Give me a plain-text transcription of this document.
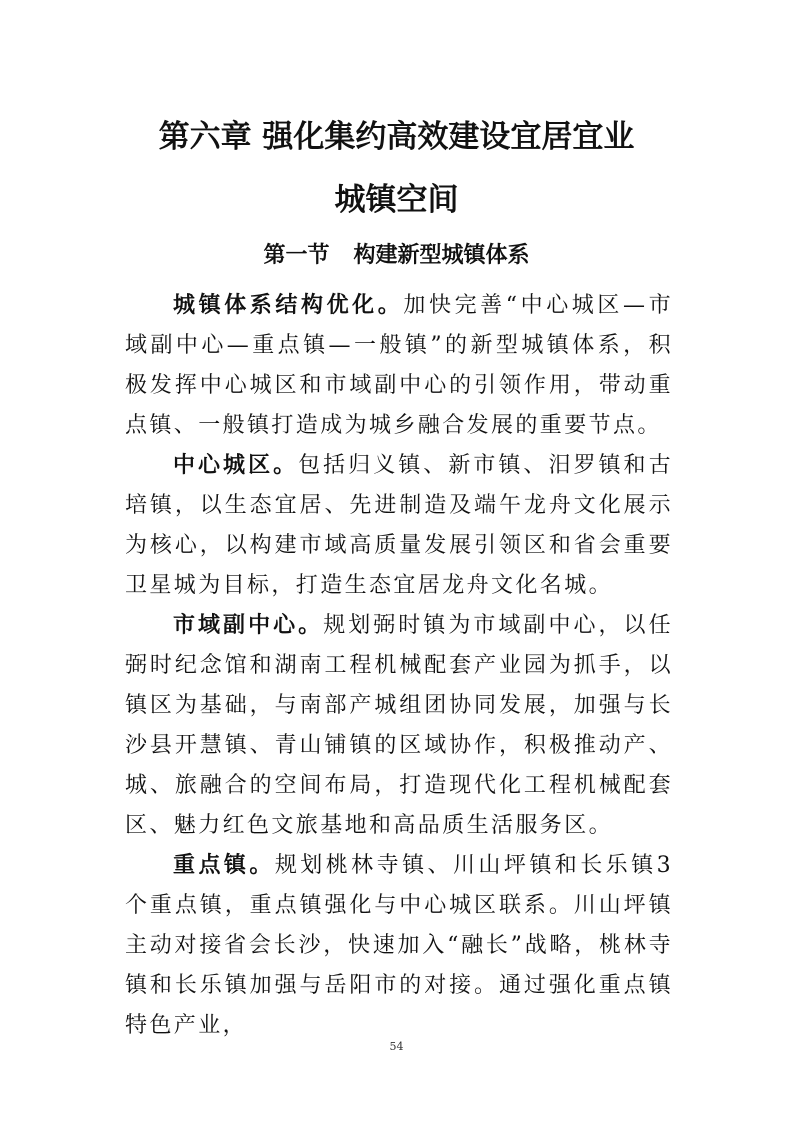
第六章 强化集约高效建设宜居宜业
城镇空间
第一节 构建新型城镇体系

城镇体系结构优化。加快完善“中心城区—市域副中心—重点镇—一般镇”的新型城镇体系，积极发挥中心城区和市域副中心的引领作用，带动重点镇、一般镇打造成为城乡融合发展的重要节点。

中心城区。包括归义镇、新市镇、汨罗镇和古培镇，以生态宜居、先进制造及端午龙舟文化展示为核心，以构建市域高质量发展引领区和省会重要卫星城为目标，打造生态宜居龙舟文化名城。

市域副中心。规划弼时镇为市域副中心，以任弼时纪念馆和湖南工程机械配套产业园为抓手，以镇区为基础，与南部产城组团协同发展，加强与长沙县开慧镇、青山铺镇的区域协作，积极推动产、城、旅融合的空间布局，打造现代化工程机械配套区、魅力红色文旅基地和高品质生活服务区。

重点镇。规划桃林寺镇、川山坪镇和长乐镇3个重点镇，重点镇强化与中心城区联系。川山坪镇主动对接省会长沙，快速加入“融长”战略，桃林寺镇和长乐镇加强与岳阳市的对接。通过强化重点镇特色产业，

54
